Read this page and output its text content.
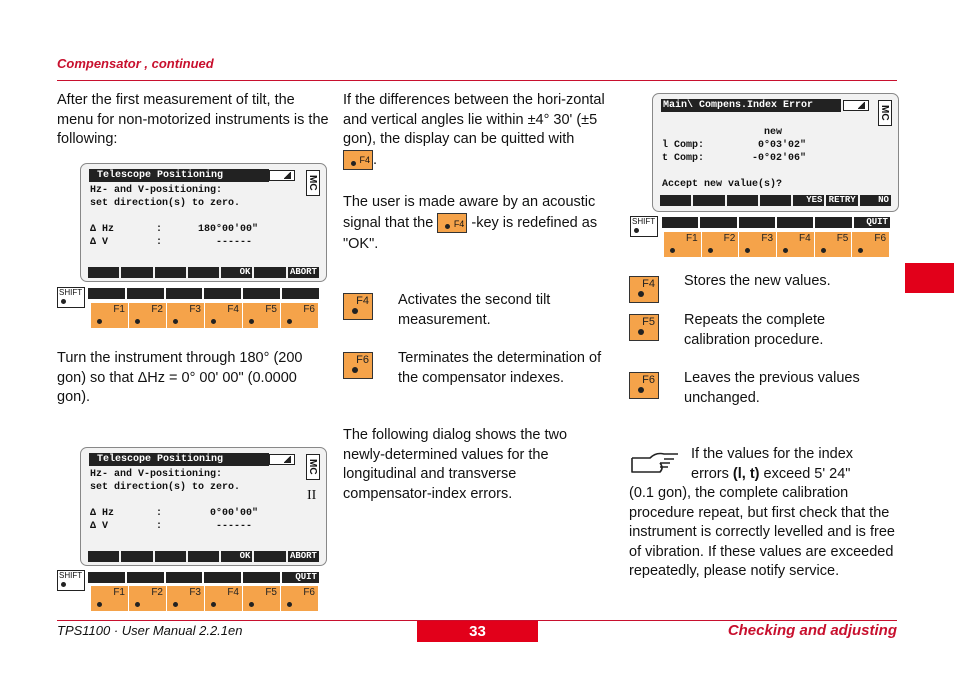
Compensator , continued
After the first measurement of tilt, the menu for non-motorized instruments is the following:
Telescope Positioning	MC
Hz- and V-positioning:
set direction(s) to zero.
Δ Hz       :      180°00'00"
Δ V        :         ------
OK	ABORT
SHIFT
F1	F2	F3	F4	F5	F6
Turn the instrument through 180° (200 gon) so that ΔHz = 0° 00' 00" (0.0000 gon).
Telescope Positioning	MC
II
Hz- and V-positioning:
set direction(s) to zero.
Δ Hz       :        0°00'00"
Δ V        :         ------
OK	ABORT
SHIFT	QUIT
F1	F2	F3	F4	F5	F6
If the differences between the hori-zontal and vertical angles lie within ±4° 30' (±5 gon), the display can be quitted with
F4 .
The user is made aware by an acoustic signal that the F4 -key is redefined as "OK".
F4 Activates the second tilt measurement.
F6 Terminates the determination of the compensator indexes.
The following dialog shows the two newly-determined values for the longitudinal and transverse compensator-index errors.
Main\ Compens.Index Error	MC
new
l Comp:         0°03'02"
t Comp:        -0°02'06"
Accept new value(s)?
YES RETRY	NO
SHIFT	QUIT
F1	F2	F3	F4	F5	F6
F4 Stores the new values.
F5 Repeats the complete calibration procedure.
F6 Leaves the previous values unchanged.
If the values for the index errors (l, t) exceed 5' 24"
(0.1 gon), the complete calibration procedure repeat, but first check that the instrument is correctly levelled and is free of vibration. If these values are exceeded repeatedly, please notify service.
TPS1100 · User Manual 2.2.1en	33	Checking and adjusting
